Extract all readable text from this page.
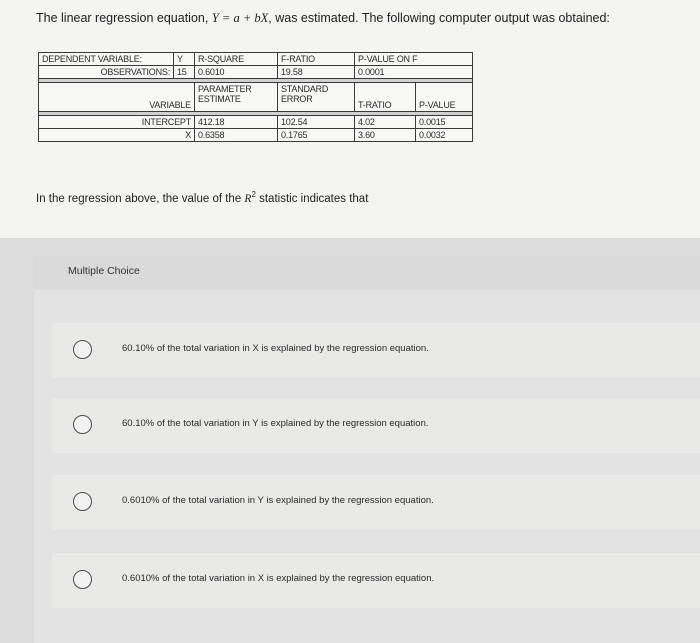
The linear regression equation, Y = a + bX, was estimated. The following computer output was obtained:
DEPENDENT VARIABLE:	Y	R-SQUARE	F-RATIO	P-VALUE ON F	
OBSERVATIONS:	15	0.6010	19.58	0.0001	

VARIABLE		PARAMETER ESTIMATE	STANDARD ERROR	T-RATIO	P-VALUE

INTERCEPT		412.18	102.54	4.02	0.0015
X		0.6358	0.1765	3.60	0.0032
In the regression above, the value of the $R^2$ statistic indicates that
Multiple Choice
60.10% of the total variation in X is explained by the regression equation.
60.10% of the total variation in Y is explained by the regression equation.
0.6010% of the total variation in Y is explained by the regression equation.
0.6010% of the total variation in X is explained by the regression equation.
